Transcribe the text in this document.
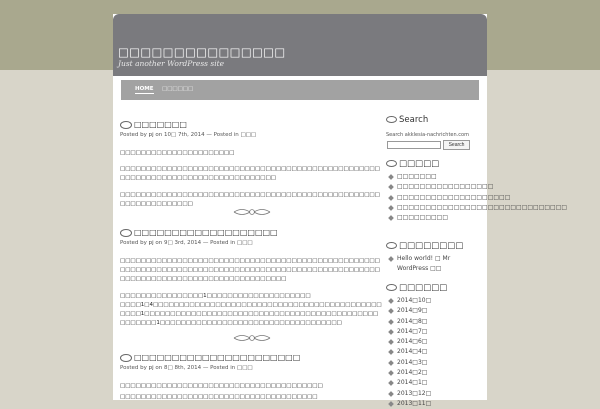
□□□□□□□□□□□□□□□
Just another WordPress site
HOME □□□□□□
□□□□□□□
Posted by pj on 10□ 7th, 2014 — Posted in □□□
□□□□□□□□□□□□□□□□□□□□□□
□□□□□□□□□□□□□□□□□□□□□□□□□□□□□□□□□□□□□□□□□□□□□□□□□□□□□□□□□□□□□□□□□□□□□□□□□□□□□□□□
□□□□□□□□□□□□□□□□□□□□□□□□□□□□□□□□□□□□□□□□□□□□□□□□□□□□□□□□□□□□□□□□
□□□□□□□□□□□□□□□□□□□
Posted by pj on 9□ 3rd, 2014 — Posted in □□□
□□□□□□□□□□□□□□□□□□□□□□□□□□□□□□□□□□□□□□□□□□□□□□□□□□□□□□□□□□□□□□□□□□□□□□□□□□□□□□□□□□□□□□□□□□□□□□□□□□□□□□□□□□□□□□□□□□□□□□□□□□□□□□□□□□□□
□□□□□□□□□□□□□□□□1□□□□□□□□□□□□□□□□□□□□
□□□□1□4□□□□□□□□□□□□□□□□□□□□□□□□□□□□□□□□□□□□□□□□□□□□□□□□1□□□□□□□□□□□□□□□□□□□□□□□□□□□□□□□□□□□□□□□□□□□□□□□□□□□□1□□□□□□□□□□□□□□□□□□□□□□□□□□□□□□□□□□□
□□□□□□□□□□□□□□□□□□□□□□
Posted by pj on 8□ 8th, 2014 — Posted in □□□
□□□□□□□□□□□□□□□□□□□□□□□□□□□□□□□□□□□□□□□
□□□□□□□□□□□□□□□□□□□□□□□□□□□□□□□□□□□□□□
Search
Search akklesia-nachrichten.com
Search
□□□□□
□□□□□□□
□□□□□□□□□□□□□□□□□
□□□□□□□□□□□□□□□□□□□□
□□□□□□□□□□□□□□□□□□□□□□□□□□□□□□
□□□□□□□□□
□□□□□□□□
Hello world! □ Mr WordPress □□
□□□□□□
2014□10□
2014□9□
2014□8□
2014□7□
2014□6□
2014□4□
2014□3□
2014□2□
2014□1□
2013□12□
2013□11□
